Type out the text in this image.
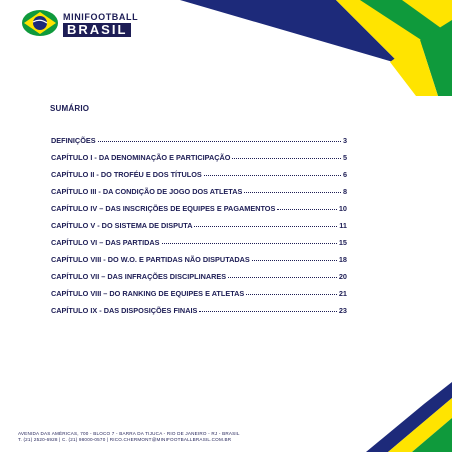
MINIFOOTBALL
BRASIL
SUMÁRIO
DEFINIÇÕES	3
CAPÍTULO I - DA DENOMINAÇÃO E PARTICIPAÇÃO	5
CAPÍTULO II - DO TROFÉU E DOS TÍTULOS	6
CAPÍTULO III - DA CONDIÇÃO DE JOGO DOS ATLETAS	8
CAPÍTULO IV – DAS INSCRIÇÕES DE EQUIPES E PAGAMENTOS	10
CAPÍTULO V - DO SISTEMA DE DISPUTA	11
CAPÍTULO VI – DAS PARTIDAS	15
CAPÍTULO VIII - DO W.O. E PARTIDAS NÃO DISPUTADAS	18
CAPÍTULO VII – DAS INFRAÇÕES DISCIPLINARES	20
CAPÍTULO VIII – DO RANKING DE EQUIPES E ATLETAS	21
CAPÍTULO IX - DAS DISPOSIÇÕES FINAIS	23
AVENIDA DAS AMÉRICAS, 700 - BLOCO 7 - BARRA DA TIJUCA - RIO DE JANEIRO - RJ - BRASIL
T. (21) 2520-6928 | C. (21) 98000-0570 | RICO.CHERMONT@MINIFOOTBALLBRASIL.COM.BR
